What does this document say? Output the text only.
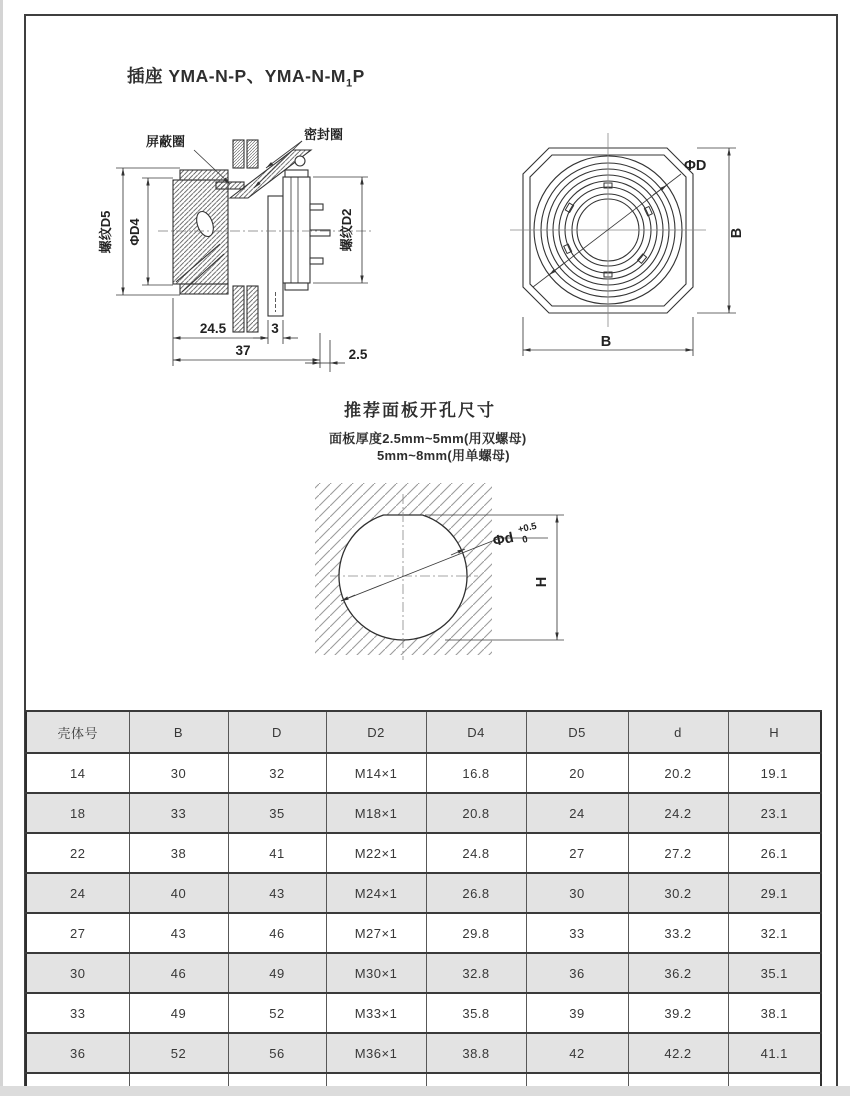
插座 YMA-N-P、YMA-$N-M_1P$
推荐面板开孔尺寸
面板厚度2.5mm~5mm(用双螺母)
5mm~8mm(用单螺母)
屏蔽圈	密封圈
螺纹D5 ΦD4	螺纹D2
24.5	3
37	2.5
ΦD
B
B
Φd
+0.5
0
H
壳体号	B	D	D2	D4	D5	d	H
14	30	32	M14×1	16.8	20	20.2	19.1
18	33	35	M18×1	20.8	24	24.2	23.1
22	38	41	M22×1	24.8	27	27.2	26.1
24	40	43	M24×1	26.8	30	30.2	29.1
27	43	46	M27×1	29.8	33	33.2	32.1
30	46	49	M30×1	32.8	36	36.2	35.1
33	49	52	M33×1	35.8	39	39.2	38.1
36	52	56	M36×1	38.8	42	42.2	41.1
